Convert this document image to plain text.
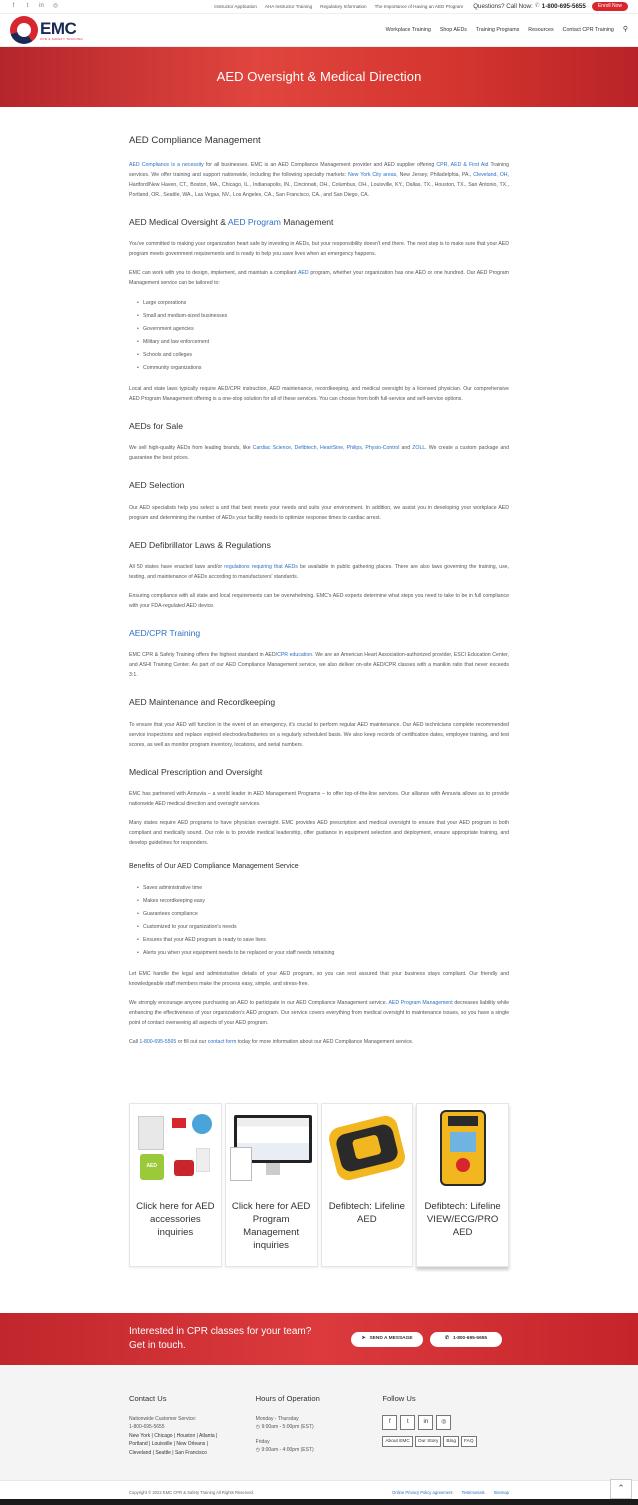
f	t	in ◎	Instructor Application AHA Instructor Training Regulatory Information The Importance of Having an AED Program Questions? Call Now: ✆ 1-800-695-5655	Enroll Now
EMC
CPR & SAFETY TRAINING
Workplace Training Shop AEDs Training Programs Resources Contact CPR Training ⚲
AED Oversight & Medical Direction
AED Compliance Management

AED Compliance is a necessity for all businesses. EMC is an AED Compliance Management provider and AED supplier offering CPR, AED & First Aid Training services. We offer training and support nationwide, including the following specialty markets: New York City areas, New Jersey, Philadelphia, PA., Cleveland, OH, Hartford/New Haven, CT., Boston, MA., Chicago, IL., Indianapolis, IN., Cincinnati, OH., Columbus, OH., Louisville, KY., Dallas, TX., Houston, TX., San Antonio, TX., Portland, OR., Seattle, WA., Las Vegas, NV., Los Angeles, CA., San Francisco, CA., and San Diego, CA.

AED Medical Oversight & AED Program Management

You've committed to making your organization heart safe by investing in AEDs, but your responsibility doesn't end there. The next step is to make sure that your AED program meets government requirements and is ready to help you save lives when an emergency happens.

EMC can work with you to design, implement, and maintain a compliant AED program, whether your organization has one AED or one hundred. Our AED Program Management service can be tailored to:

• Large corporations
• Small and medium-sized businesses
• Government agencies
• Military and law enforcement
• Schools and colleges
• Community organizations

Local and state laws typically require AED/CPR instruction, AED maintenance, recordkeeping, and medical oversight by a licensed physician. Our comprehensive AED Program Management offering is a one-stop solution for all of these services. You can choose from both full-service and self-service options.

AEDs for Sale

We sell high-quality AEDs from leading brands, like Cardiac Science, Defibtech, HeartSine, Philips, Physio-Control and ZOLL. We create a custom package and guarantee the best prices.

AED Selection

Our AED specialists help you select a unit that best meets your needs and suits your environment. In addition, we assist you in developing your workplace AED program and determining the number of AEDs your facility needs to optimize response times to cardiac arrest.

AED Defibrillator Laws & Regulations

All 50 states have enacted laws and/or regulations requiring that AEDs be available in public gathering places. There are also laws governing the training, use, testing, and maintenance of AEDs according to manufacturers' standards.

Ensuring compliance with all state and local requirements can be overwhelming. EMC's AED experts determine what steps you need to take to be in full compliance with your FDA-regulated AED device.

AED/CPR Training

EMC CPR & Safety Training offers the highest standard in AED/CPR education. We are an American Heart Association-authorized provider, ESCI Education Center, and ASHI Training Center. As part of our AED Compliance Management service, we also deliver on-site AED/CPR classes with a manikin ratio that never exceeds 3:1.

AED Maintenance and Recordkeeping

To ensure that your AED will function in the event of an emergency, it's crucial to perform regular AED maintenance. Our AED technicians complete recommended service inspections and replace expired electrodes/batteries on a regularly scheduled basis. We also keep records of certification dates, employee training, and test scores, as well as monitor program inventory, locations, and serial numbers.

Medical Prescription and Oversight

EMC has partnered with Annuvia – a world leader in AED Management Programs – to offer top-of-the-line services. Our alliance with Annuvia allows us to provide nationwide AED medical direction and oversight services.

Many states require AED programs to have physician oversight. EMC provides AED prescription and medical oversight to ensure that your AED program is both compliant and medically sound. Our role is to provide medical leadership, offer guidance in equipment selection and deployment, ensure appropriate training, and develop guidelines for responders.

Benefits of Our AED Compliance Management Service
• Saves administrative time
• Makes recordkeeping easy
• Guarantees compliance
• Customized to your organization's needs
• Ensures that your AED program is ready to save lives
• Alerts you when your equipment needs to be replaced or your staff needs retraining

Let EMC handle the legal and administrative details of your AED program, so you can rest assured that your business stays compliant. Our friendly and knowledgeable staff members make the process easy, simple, and stress-free.

We strongly encourage anyone purchasing an AED to participate in our AED Compliance Management service. AED Program Management decreases liability while enhancing the effectiveness of your organization's AED program. Our service covers everything from medical oversight to maintenance issues, so you have a single point of contact overseeing all aspects of your AED program.

Call 1-800-695-5565 or fill out our contact form today for more information about our AED Compliance Management service.

AED
Click here for AED accessories inquiries
Click here for AED Program Management inquiries
Defibtech: Lifeline AED
Defibtech: Lifeline VIEW/ECG/PRO AED
Interested in CPR classes for your team? Get in touch.
➤ SEND A MESSAGE	✆ 1-800-695-5655
Contact Us

Nationwide Customer Service:

1-800-695-5655

New York | Chicago | Houston | Atlanta |

Portland | Louisville | New Orleans |

Cleveland | Seattle | San Francisco

Hours of Operation

Monday - Thursday

◷ 9:00am - 5:00pm (EST)

Friday

◷ 9:00am - 4:00pm (EST)

Follow Us
f	t	in	◎
About EMC	Our Story	Blog	FAQ
Copyright © 2022 EMC CPR & Safety Training All Rights Reserved.	Online Privacy Policy agreement Testimonials Sitemap	⌃
